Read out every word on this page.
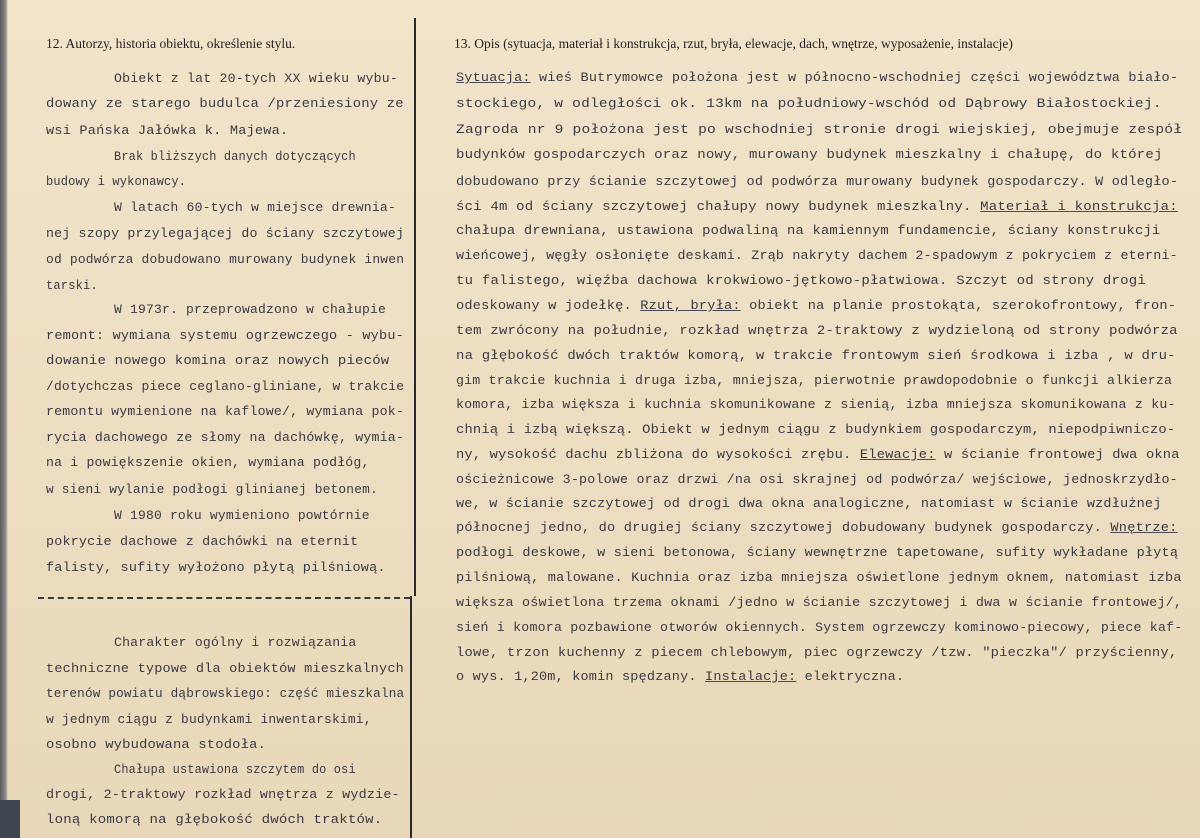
12. Autorzy, historia obiektu, określenie stylu.	13. Opis (sytuacja, materiał i konstrukcja, rzut, bryła, elewacje, dach, wnętrze, wyposażenie, instalacje)
Obiekt z lat 20-tych XX wieku wybu-
dowany ze starego budulca /przeniesiony ze
wsi Pańska Jałówka k. Majewa.
Brak bliższych danych dotyczących
budowy i wykonawcy.
W latach 60-tych w miejsce drewnia-
nej szopy przylegającej do ściany szczytowej
od podwórza dobudowano murowany budynek inwen
tarski.
W 1973r. przeprowadzono w chałupie
remont: wymiana systemu ogrzewczego - wybu-
dowanie nowego komina oraz nowych pieców
/dotychczas piece ceglano-gliniane, w trakcie
remontu wymienione na kaflowe/, wymiana pok-
rycia dachowego ze słomy na dachówkę, wymia-
na i powiększenie okien, wymiana podłóg,
w sieni wylanie podłogi glinianej betonem.
W 1980 roku wymieniono powtórnie
pokrycie dachowe z dachówki na eternit
falisty, sufity wyłożono płytą pilśniową.
Charakter ogólny i rozwiązania
techniczne typowe dla obiektów mieszkalnych
terenów powiatu dąbrowskiego: część mieszkalna
w jednym ciągu z budynkami inwentarskimi,
osobno wybudowana stodoła.
Chałupa ustawiona szczytem do osi
drogi, 2-traktowy rozkład wnętrza z wydzie-
loną komorą na głębokość dwóch traktów.
Sytuacja: wieś Butrymowce położona jest w północno-wschodniej części województwa biało-
stockiego, w odległości ok. 13km na południowy-wschód od Dąbrowy Białostockiej.
Zagroda nr 9 położona jest po wschodniej stronie drogi wiejskiej, obejmuje zespół
budynków gospodarczych oraz nowy, murowany budynek mieszkalny i chałupę, do której
dobudowano przy ścianie szczytowej od podwórza murowany budynek gospodarczy. W odległo-
ści 4m od ściany szczytowej chałupy nowy budynek mieszkalny. Materiał i konstrukcja:
chałupa drewniana, ustawiona podwaliną na kamiennym fundamencie, ściany konstrukcji
wieńcowej, węgły osłonięte deskami. Zrąb nakryty dachem 2-spadowym z pokryciem z eterni-
tu falistego, więźba dachowa krokwiowo-jętkowo-płatwiowa. Szczyt od strony drogi
odeskowany w jodełkę. Rzut, bryła: obiekt na planie prostokąta, szerokofrontowy, fron-
tem zwrócony na południe, rozkład wnętrza 2-traktowy z wydzieloną od strony podwórza
na głębokość dwóch traktów komorą, w trakcie frontowym sień środkowa i izba , w dru-
gim trakcie kuchnia i druga izba, mniejsza, pierwotnie prawdopodobnie o funkcji alkierza
komora, izba większa i kuchnia skomunikowane z sienią, izba mniejsza skomunikowana z ku-
chnią i izbą większą. Obiekt w jednym ciągu z budynkiem gospodarczym, niepodpiwniczo-
ny, wysokość dachu zbliżona do wysokości zrębu. Elewacje: w ścianie frontowej dwa okna
ościeżnicowe 3-polowe oraz drzwi /na osi skrajnej od podwórza/ wejściowe, jednoskrzydło-
we, w ścianie szczytowej od drogi dwa okna analogiczne, natomiast w ścianie wzdłużnej
północnej jedno, do drugiej ściany szczytowej dobudowany budynek gospodarczy. Wnętrze:
podłogi deskowe, w sieni betonowa, ściany wewnętrzne tapetowane, sufity wykładane płytą
pilśniową, malowane. Kuchnia oraz izba mniejsza oświetlone jednym oknem, natomiast izba
większa oświetlona trzema oknami /jedno w ścianie szczytowej i dwa w ścianie frontowej/,
sień i komora pozbawione otworów okiennych. System ogrzewczy kominowo-piecowy, piece kaf-
lowe, trzon kuchenny z piecem chlebowym, piec ogrzewczy /tzw. "pieczka"/ przyścienny,
o wys. 1,20m, komin spędzany. Instalacje: elektryczna.
